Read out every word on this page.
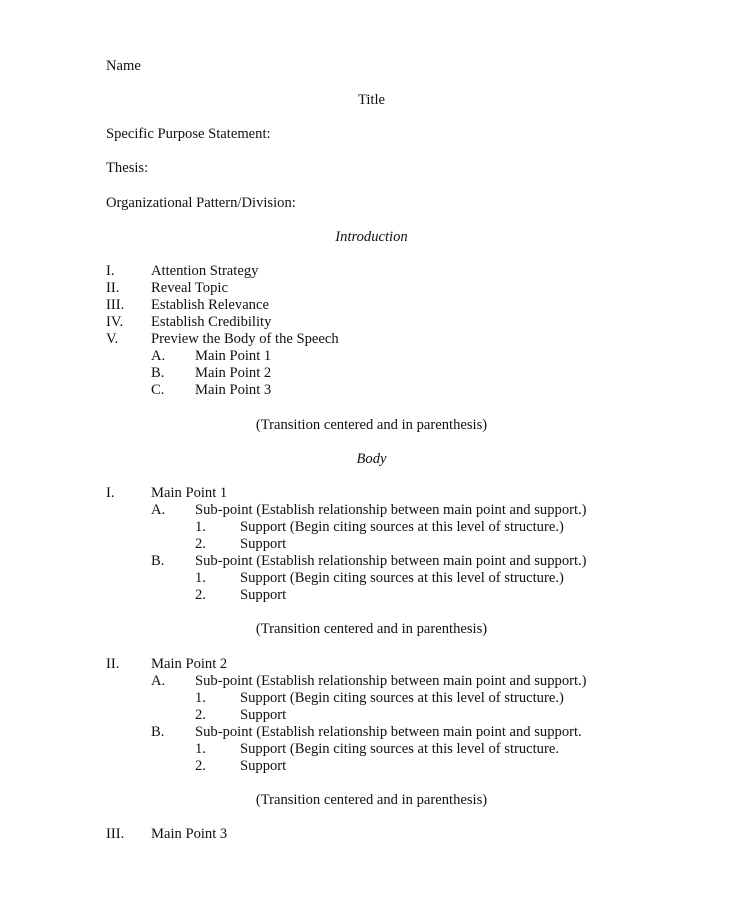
Name
Title
Specific Purpose Statement:
Thesis:
Organizational Pattern/Division:
Introduction
I. Attention Strategy
II. Reveal Topic
III. Establish Relevance
IV. Establish Credibility
V. Preview the Body of the Speech
A. Main Point 1
B. Main Point 2
C. Main Point 3
(Transition centered and in parenthesis)
Body
I. Main Point 1
A. Sub-point (Establish relationship between main point and support.)
1. Support (Begin citing sources at this level of structure.)
2. Support
B. Sub-point (Establish relationship between main point and support.)
1. Support (Begin citing sources at this level of structure.)
2. Support
(Transition centered and in parenthesis)
II. Main Point 2
A. Sub-point (Establish relationship between main point and support.)
1. Support (Begin citing sources at this level of structure.)
2. Support
B. Sub-point (Establish relationship between main point and support.
1. Support (Begin citing sources at this level of structure.
2. Support
(Transition centered and in parenthesis)
III. Main Point 3
